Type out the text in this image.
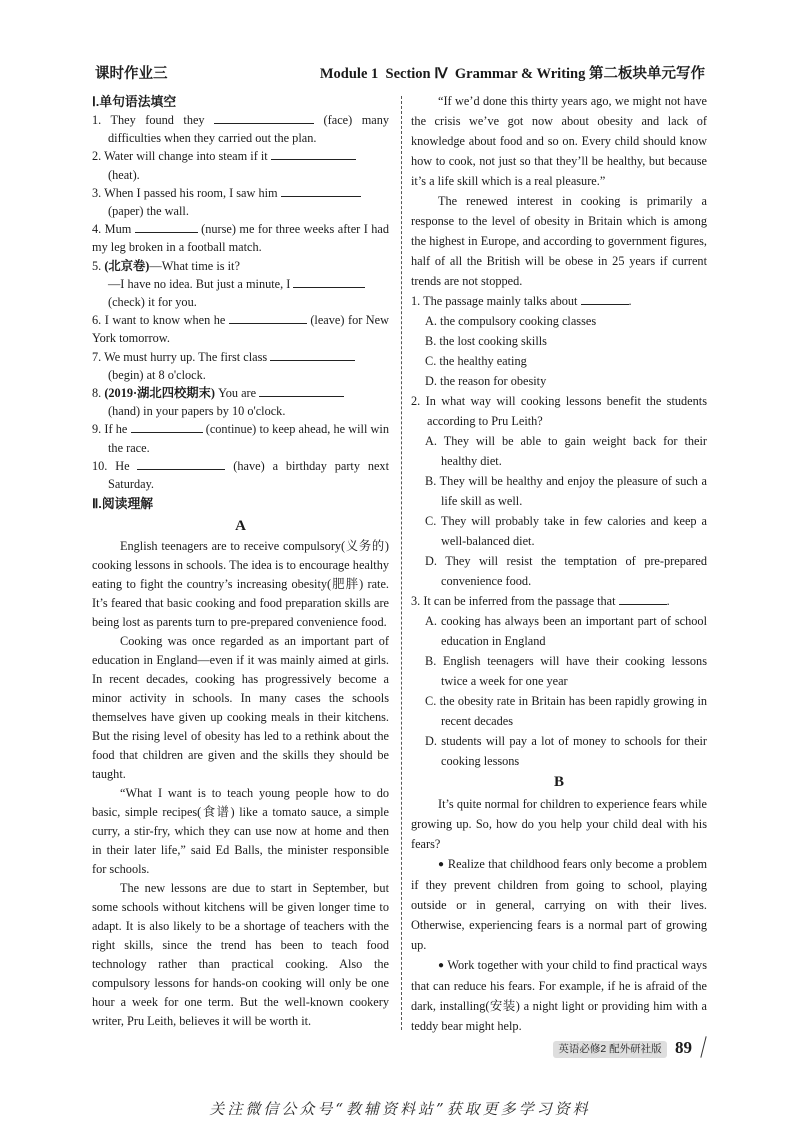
课时作业三	Module 1  Section Ⅳ  Grammar & Writing 第二板块单元写作

Ⅰ.单句语法填空

1. They found they	(face) many difficulties when they carried out the plan.

2. Water will change into steam if it
(heat).

3. When I passed his room, I saw him
(paper) the wall.

4. Mum	(nurse) me for three weeks after I had my leg broken in a football match.

5. (北京卷)—What time is it?
—I have no idea. But just a minute, I
(check) it for you.

6. I want to know when he	(leave) for New York tomorrow.

7. We must hurry up. The first class
(begin) at 8 o'clock.

8. (2019·湖北四校期末) You are
(hand) in your papers by 10 o'clock.

9. If he	(continue) to keep ahead, he will win the race.

10. He	(have) a birthday party next Saturday.

Ⅱ.阅读理解

A

English teenagers are to receive compulsory(义务的) cooking lessons in schools. The idea is to encourage healthy eating to fight the country’s increasing obesity(肥胖) rate. It’s feared that basic cooking and food preparation skills are being lost as parents turn to pre-prepared convenience food.

Cooking was once regarded as an important part of education in England—even if it was mainly aimed at girls. In recent decades, cooking has progressively become a minor activity in schools. In many cases the schools themselves have given up cooking meals in their kitchens. But the rising level of obesity has led to a rethink about the food that children are given and the skills they should be taught.

“What I want is to teach young people how to do basic, simple recipes(食谱) like a tomato sauce, a simple curry, a stir-fry, which they can use now at home and then in their later life,” said Ed Balls, the minister responsible for schools.

The new lessons are due to start in September, but some schools without kitchens will be given longer time to adapt. It is also likely to be a shortage of teachers with the right skills, since the trend has been to teach food technology rather than practical cooking. Also the compulsory lessons for hands-on cooking will only be one hour a week for one term. But the well-known cookery writer, Pru Leith, believes it will be worth it.

“If we’d done this thirty years ago, we might not have the crisis we’ve got now about obesity and lack of knowledge about food and so on. Every child should know how to cook, not just so that they’ll be healthy, but because it’s a life skill which is a real pleasure.”

The renewed interest in cooking is primarily a response to the level of obesity in Britain which is among the highest in Europe, and according to government figures, half of all the British will be obese in 25 years if current trends are not stopped.

1. The passage mainly talks about	.

A. the compulsory cooking classes

B. the lost cooking skills

C. the healthy eating

D. the reason for obesity

2. In what way will cooking lessons benefit the students according to Pru Leith?

A. They will be able to gain weight back for their healthy diet.

B. They will be healthy and enjoy the pleasure of such a life skill as well.

C. They will probably take in few calories and keep a well-balanced diet.

D. They will resist the temptation of pre-prepared convenience food.

3. It can be inferred from the passage that	.

A. cooking has always been an important part of school education in England

B. English teenagers will have their cooking lessons twice a week for one year

C. the obesity rate in Britain has been rapidly growing in recent decades

D. students will pay a lot of money to schools for their cooking lessons

B

It’s quite normal for children to experience fears while growing up. So, how do you help your child deal with his fears?

● Realize that childhood fears only become a problem if they prevent children from going to school, playing outside or in general, carrying on with their lives. Otherwise, experiencing fears is a normal part of growing up.

● Work together with your child to find practical ways that can reduce his fears. For example, if he is afraid of the dark, installing(安装) a night light or providing him with a teddy bear might help.

英语必修2 配外研社版 89
关注微信公众号“教辅资料站”获取更多学习资料
